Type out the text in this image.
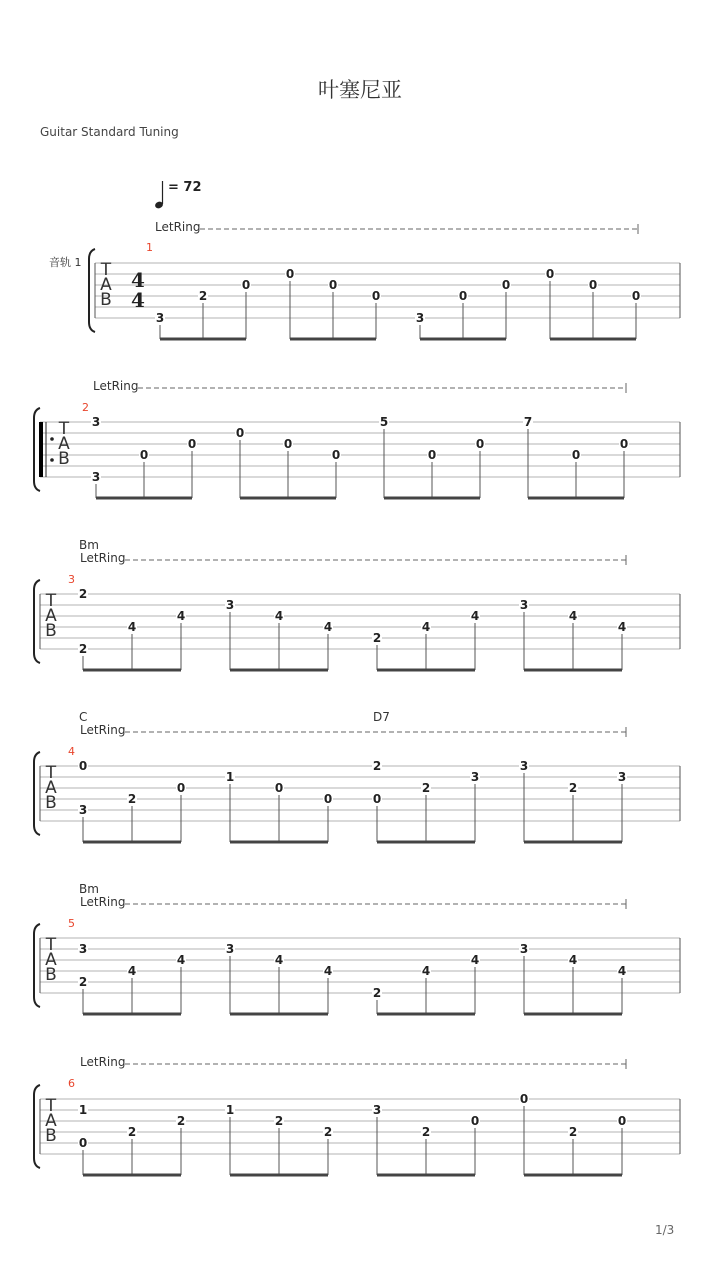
叶塞尼亚
Guitar Standard Tuning
1/3
T
A
B
4
4
3
2
0
0
0
0
3
0
0
0
0
0
T
A
B
3
3
0
0
0
0
0
5
0
0
7
0
0
T
A
B
2
2
4
4
3
4
4
2
4
4
3
4
4
T
A
B
0
3
2
0
1
0
0
2
0
2
3
3
2
3
T
A
B
3
2
4
4
3
4
4
2
4
4
3
4
4
T
A
B
1
0
2
2
1
2
2
3
2
0
0
2
0
1
LetRing
2
LetRing
3
LetRing
Bm
4
LetRing
C	D7
5
LetRing
Bm
6
LetRing
= 72
音轨 1
